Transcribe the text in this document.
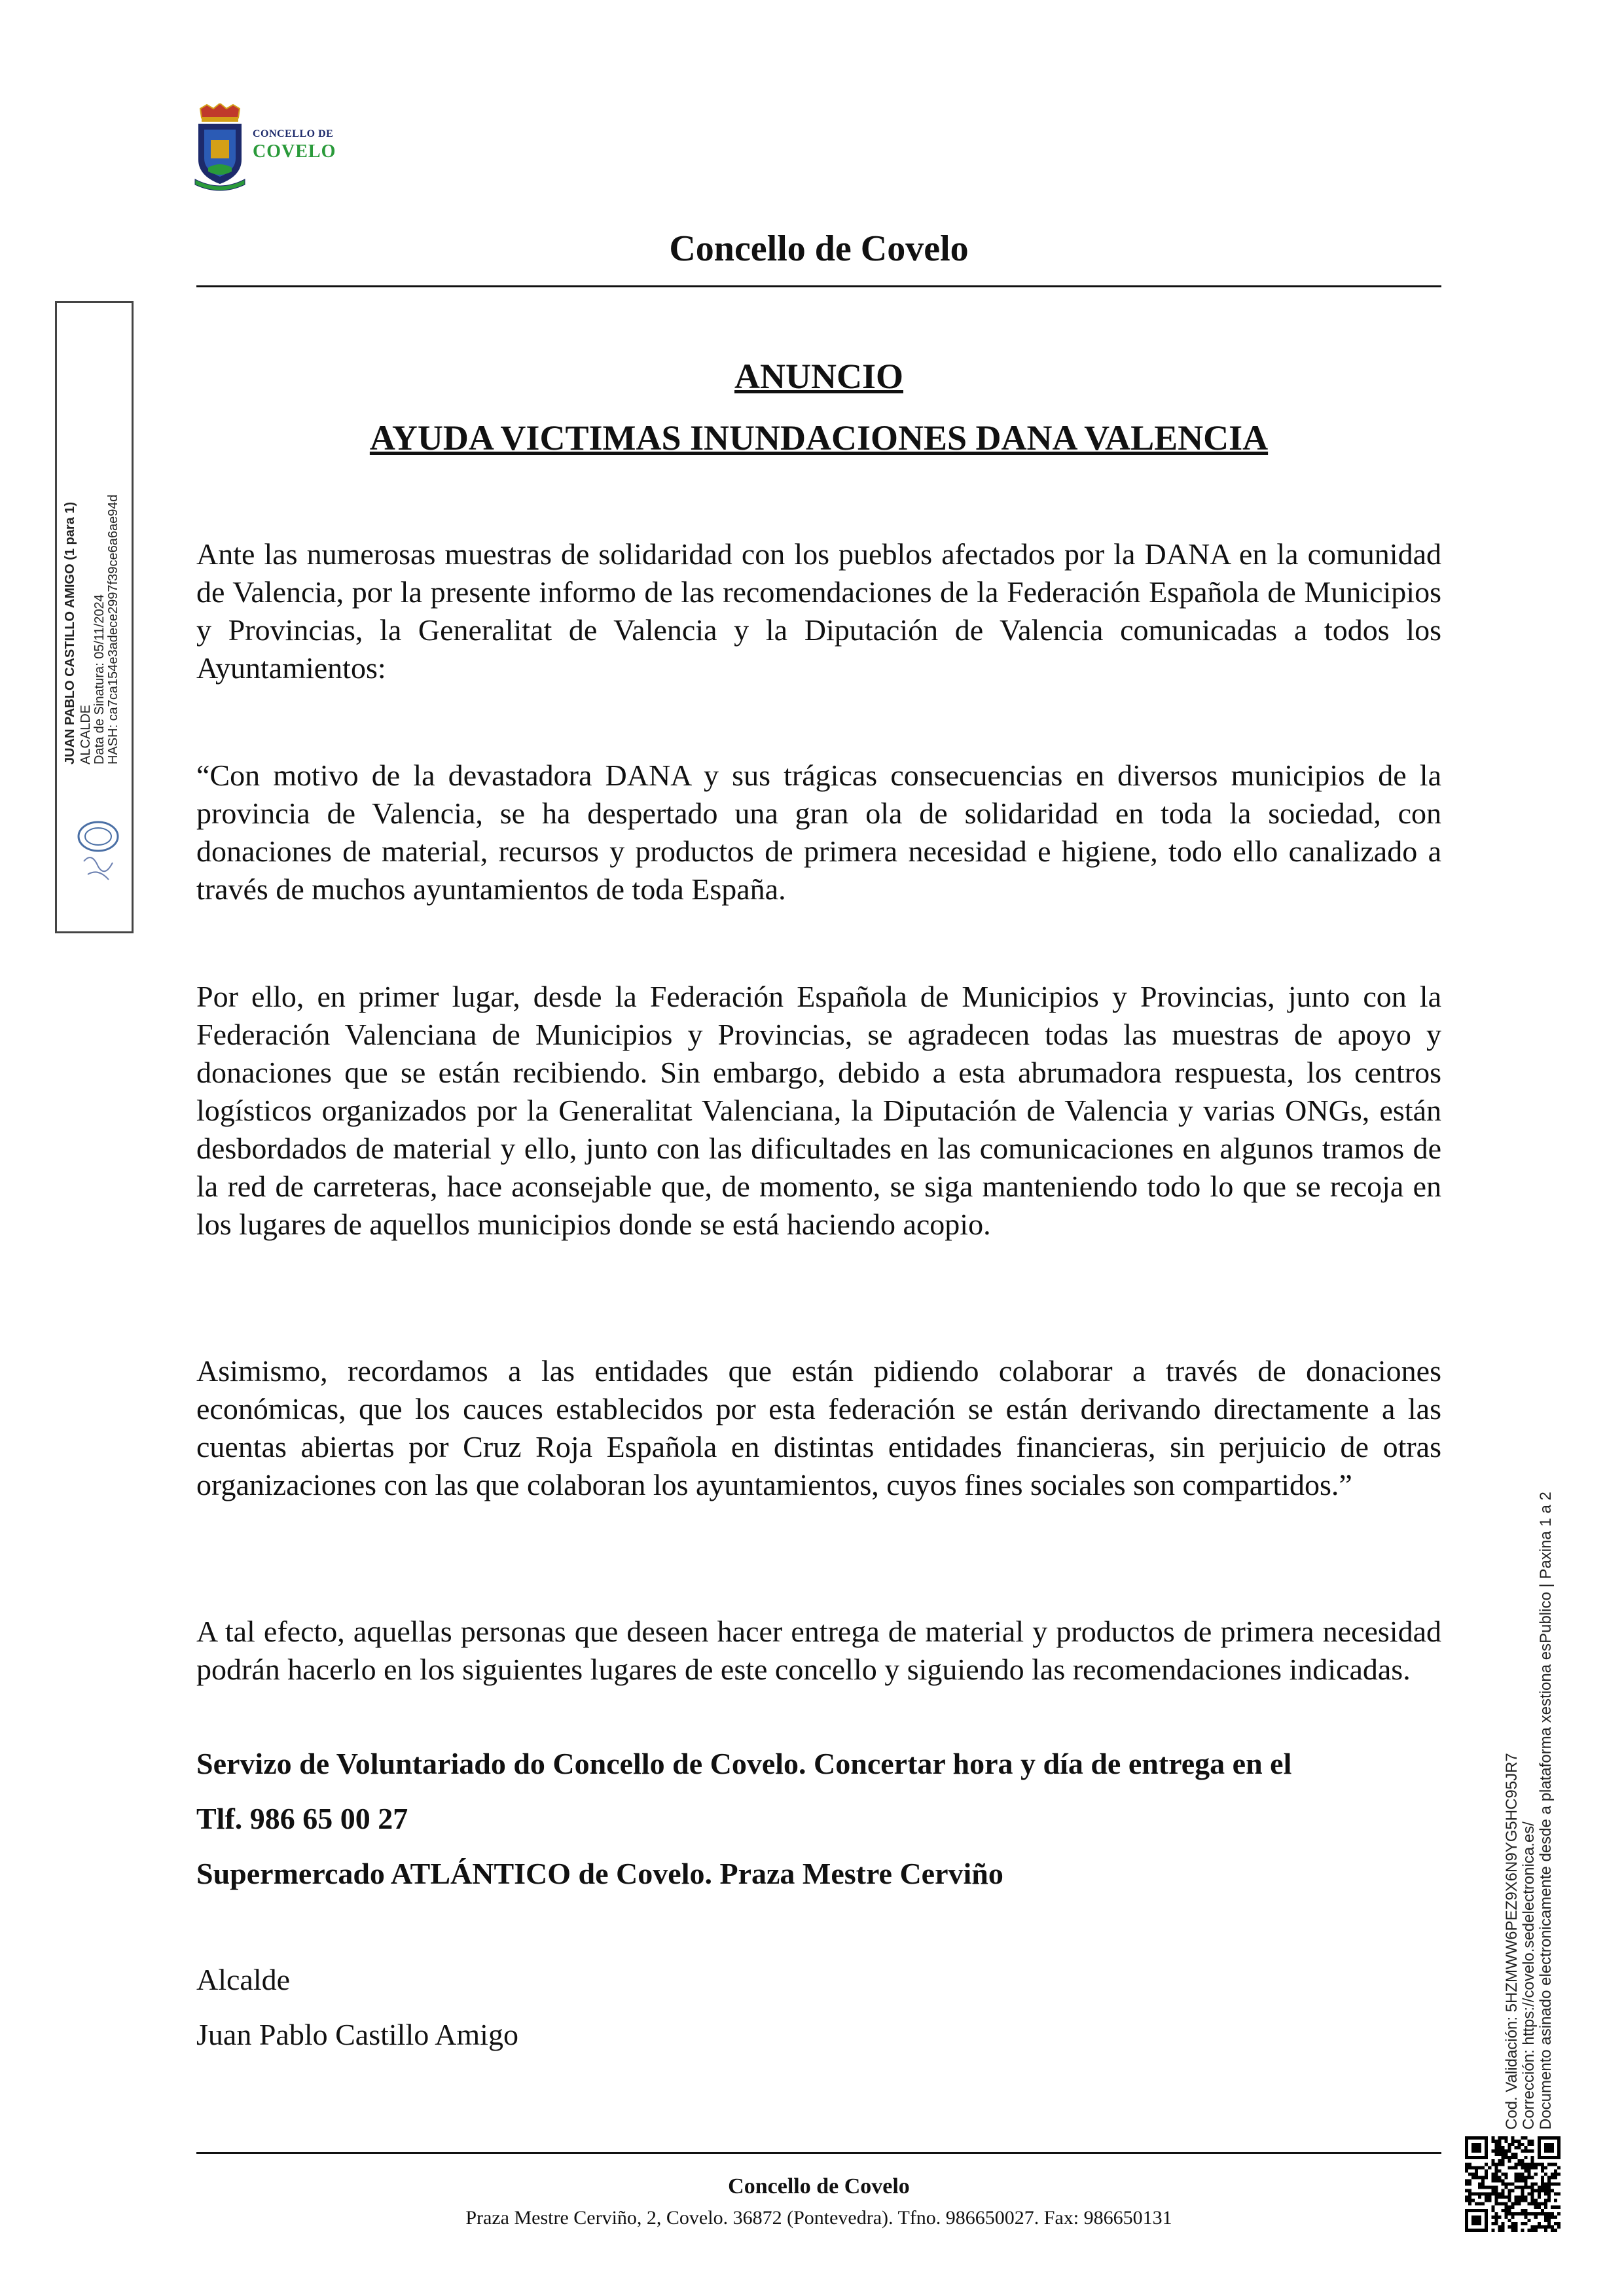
CONCELLO DE
COVELO
Concello de Covelo
ANUNCIO
AYUDA VICTIMAS INUNDACIONES DANA VALENCIA
Ante las numerosas muestras de solidaridad con los pueblos afectados por la DANA en la comunidad de Valencia, por la presente informo de las recomendaciones de la Federación Española de Municipios y Provincias, la Generalitat de Valencia y la Diputación de Valencia comunicadas a todos los Ayuntamientos:
“Con motivo de la devastadora DANA y sus trágicas consecuencias en diversos municipios de la provincia de Valencia, se ha despertado una gran ola de solidaridad en toda la sociedad, con donaciones de material, recursos y productos de primera necesidad e higiene, todo ello canalizado a través de muchos ayuntamientos de toda España.
Por ello, en primer lugar, desde la Federación Española de Municipios y Provincias, junto con la Federación Valenciana de Municipios y Provincias, se agradecen todas las muestras de apoyo y donaciones que se están recibiendo. Sin embargo, debido a esta abrumadora respuesta, los centros logísticos organizados por la Generalitat Valenciana, la Diputación de Valencia y varias ONGs, están desbordados de material y ello, junto con las dificultades en las comunicaciones en algunos tramos de la red de carreteras, hace aconsejable que, de momento, se siga manteniendo todo lo que se recoja en los lugares de aquellos municipios donde se está haciendo acopio.
Asimismo, recordamos a las entidades que están pidiendo colaborar a través de donaciones económicas, que los cauces establecidos por esta federación se están derivando directamente a las cuentas abiertas por Cruz Roja Española en distintas entidades financieras, sin perjuicio de otras organizaciones con las que colaboran los ayuntamientos, cuyos fines sociales son compartidos.”
A tal efecto, aquellas personas que deseen hacer entrega de material y productos de primera necesidad podrán hacerlo en los siguientes lugares de este concello y siguiendo las recomendaciones indicadas.
Servizo de Voluntariado do Concello de Covelo. Concertar hora y día de entrega en el
Tlf. 986 65 00 27
Supermercado ATLÁNTICO de Covelo. Praza Mestre Cerviño
Alcalde
Juan Pablo Castillo Amigo
Concello de Covelo
Praza Mestre Cerviño, 2, Covelo. 36872 (Pontevedra). Tfno. 986650027. Fax: 986650131
JUAN PABLO CASTILLO AMIGO (1 para 1) ALCALDE Data de Sinatura: 05/11/2024 HASH: ca7ca154e3adece2997f39ce6a6ae94d
Cod. Validación: 5HZMWW6PEZ9X6N9YG5HC95JR7 Corrección: https://covelo.sedelectronica.es/ Documento asinado electronicamente desde a plataforma xestiona esPublico | Paxina 1 a 2
